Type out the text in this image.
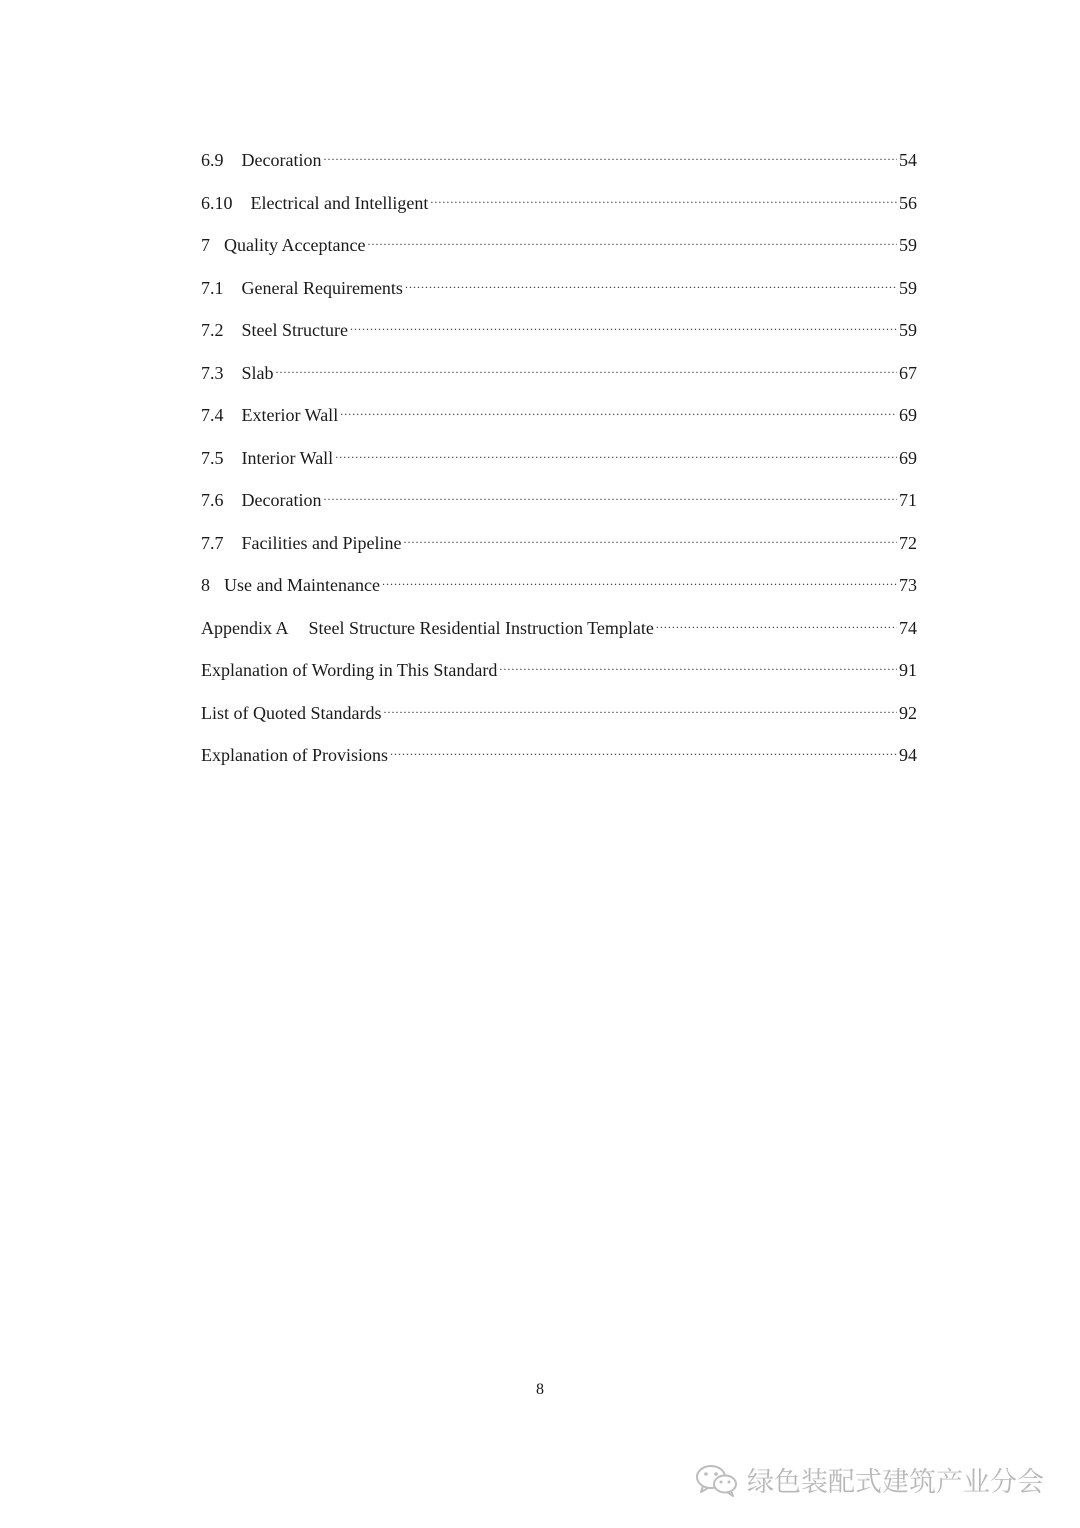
6.9	Decoration .....	54
6.10	Electrical and Intelligent .....	56
7 Quality Acceptance .....	59
7.1	General Requirements .....	59
7.2	Steel Structure .....	59
7.3	Slab .....	67
7.4	Exterior Wall .....	69
7.5	Interior Wall .....	69
7.6	Decoration .....	71
7.7	Facilities and Pipeline .....	72
8 Use and Maintenance .....	73
Appendix A	Steel Structure Residential Instruction Template .....	74
Explanation of Wording in This Standard .....	91
List of Quoted Standards .....	92
Explanation of Provisions .....	94
8
绿色装配式建筑产业分会
